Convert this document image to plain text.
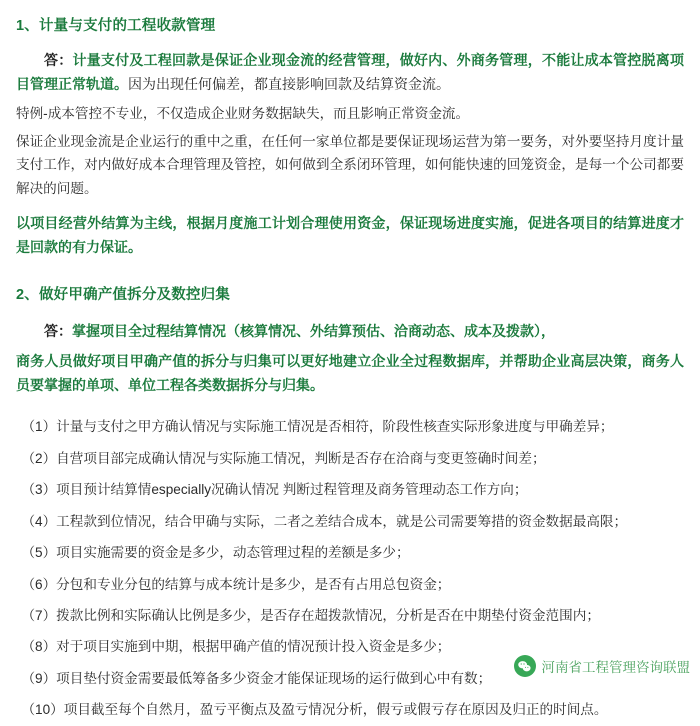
1、计量与支付的工程收款管理

答：计量支付及工程回款是保证企业现金流的经营管理，做好内、外商务管理，不能让成本管控脱离项目管理正常轨道。因为出现任何偏差，都直接影响回款及结算资金流。

特例-成本管控不专业，不仅造成企业财务数据缺失，而且影响正常资金流。

保证企业现金流是企业运行的重中之重，在任何一家单位都是要保证现场运营为第一要务，对外要坚持月度计量支付工作，对内做好成本合理管理及管控，如何做到全系闭环管理，如何能快速的回笼资金，是每一个公司都要解决的问题。

以项目经营外结算为主线，根据月度施工计划合理使用资金，保证现场进度实施，促进各项目的结算进度才是回款的有力保证。

2、做好甲确产值拆分及数控归集

答：掌握项目全过程结算情况（核算情况、外结算预估、洽商动态、成本及拨款），

商务人员做好项目甲确产值的拆分与归集可以更好地建立企业全过程数据库，并帮助企业高层决策，商务人员要掌握的单项、单位工程各类数据拆分与归集。

（1）计量与支付之甲方确认情况与实际施工情况是否相符，阶段性核查实际形象进度与甲确差异；
（2）自营项目部完成确认情况与实际施工情况，判断是否存在洽商与变更签确时间差；
（3）项目预计结算情especially况确认情况 判断过程管理及商务管理动态工作方向；
（4）工程款到位情况，结合甲确与实际，二者之差结合成本，就是公司需要筹措的资金数据最高限；
（5）项目实施需要的资金是多少，动态管理过程的差额是多少；
（6）分包和专业分包的结算与成本统计是多少，是否有占用总包资金；
（7）拨款比例和实际确认比例是多少，是否存在超拨款情况，分析是否在中期垫付资金范围内；
（8）对于项目实施到中期，根据甲确产值的情况预计投入资金是多少；
（9）项目垫付资金需要最低筹备多少资金才能保证现场的运行做到心中有数；
（10）项目截至每个自然月，盈亏平衡点及盈亏情况分析，假亏或假亏存在原因及归正的时间点。
河南省工程管理咨询联盟
